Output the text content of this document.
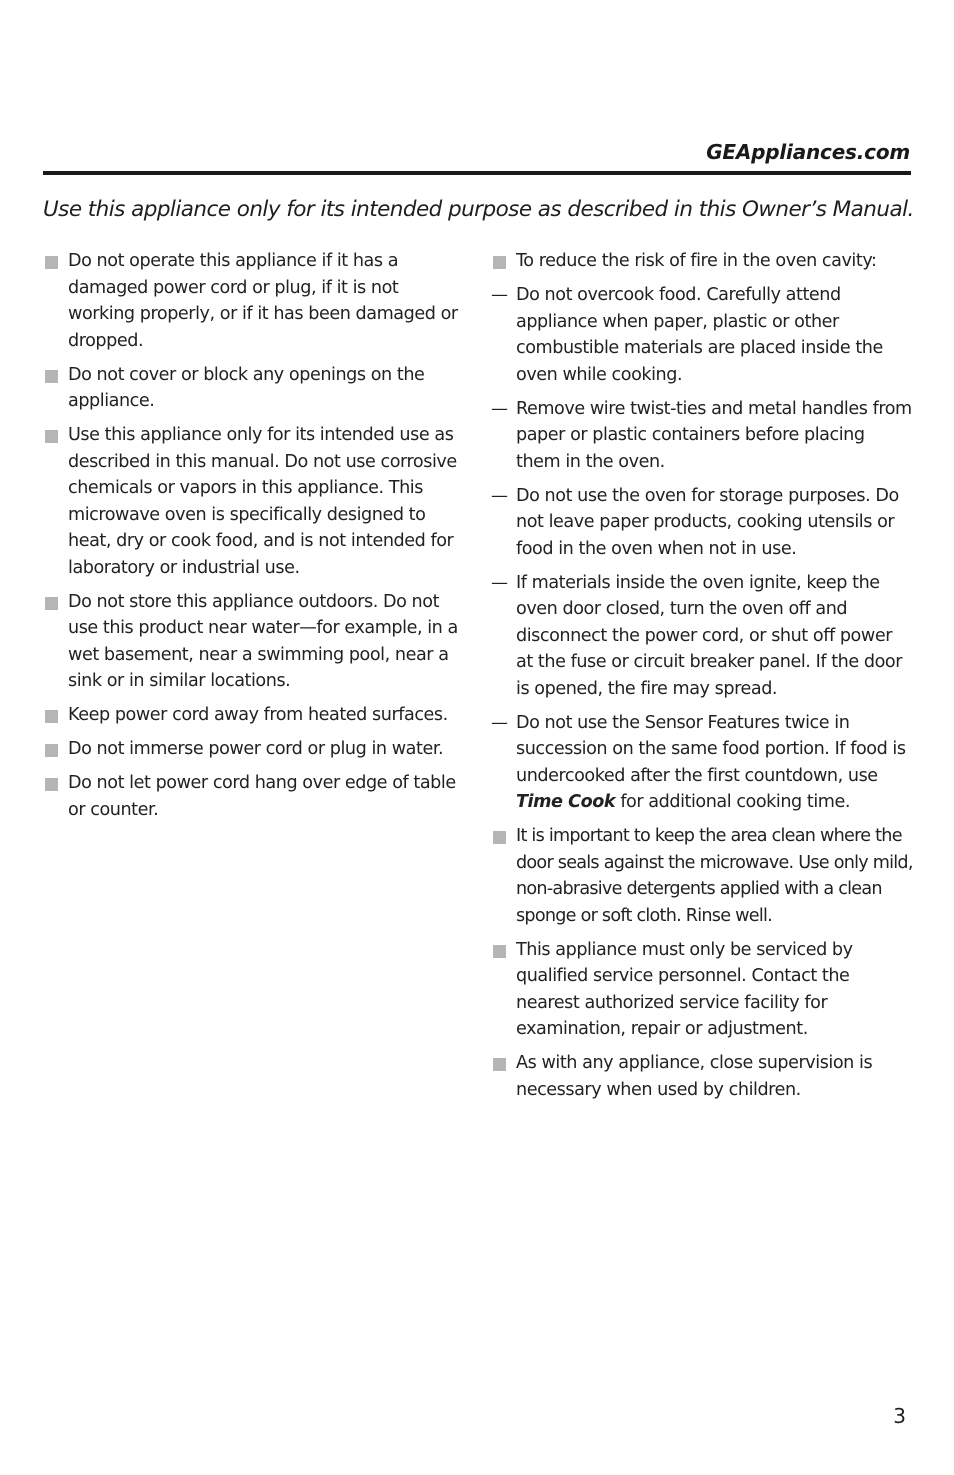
GEAppliances.com
Use this appliance only for its intended purpose as described in this Owner’s Manual.
Do not operate this appliance if it has a damaged power cord or plug, if it is not working properly, or if it has been damaged or dropped.
Do not cover or block any openings on the appliance.
Use this appliance only for its intended use as described in this manual. Do not use corrosive chemicals or vapors in this appliance. This microwave oven is specifically designed to heat, dry or cook food, and is not intended for laboratory or industrial use.
Do not store this appliance outdoors. Do not use this product near water—for example, in a wet basement, near a swimming pool, near a sink or in similar locations.
Keep power cord away from heated surfaces.
Do not immerse power cord or plug in water.
Do not let power cord hang over edge of table or counter.
To reduce the risk of fire in the oven cavity:
— Do not overcook food. Carefully attend appliance when paper, plastic or other combustible materials are placed inside the oven while cooking.
— Remove wire twist-ties and metal handles from paper or plastic containers before placing them in the oven.
— Do not use the oven for storage purposes. Do not leave paper products, cooking utensils or food in the oven when not in use.
— If materials inside the oven ignite, keep the oven door closed, turn the oven off and disconnect the power cord, or shut off power at the fuse or circuit breaker panel. If the door is opened, the fire may spread.
— Do not use the Sensor Features twice in succession on the same food portion. If food is undercooked after the first countdown, use Time Cook for additional cooking time.
It is important to keep the area clean where the door seals against the microwave. Use only mild, non-abrasive detergents applied with a clean sponge or soft cloth. Rinse well.
This appliance must only be serviced by qualified service personnel. Contact the nearest authorized service facility for examination, repair or adjustment.
As with any appliance, close supervision is necessary when used by children.
3
